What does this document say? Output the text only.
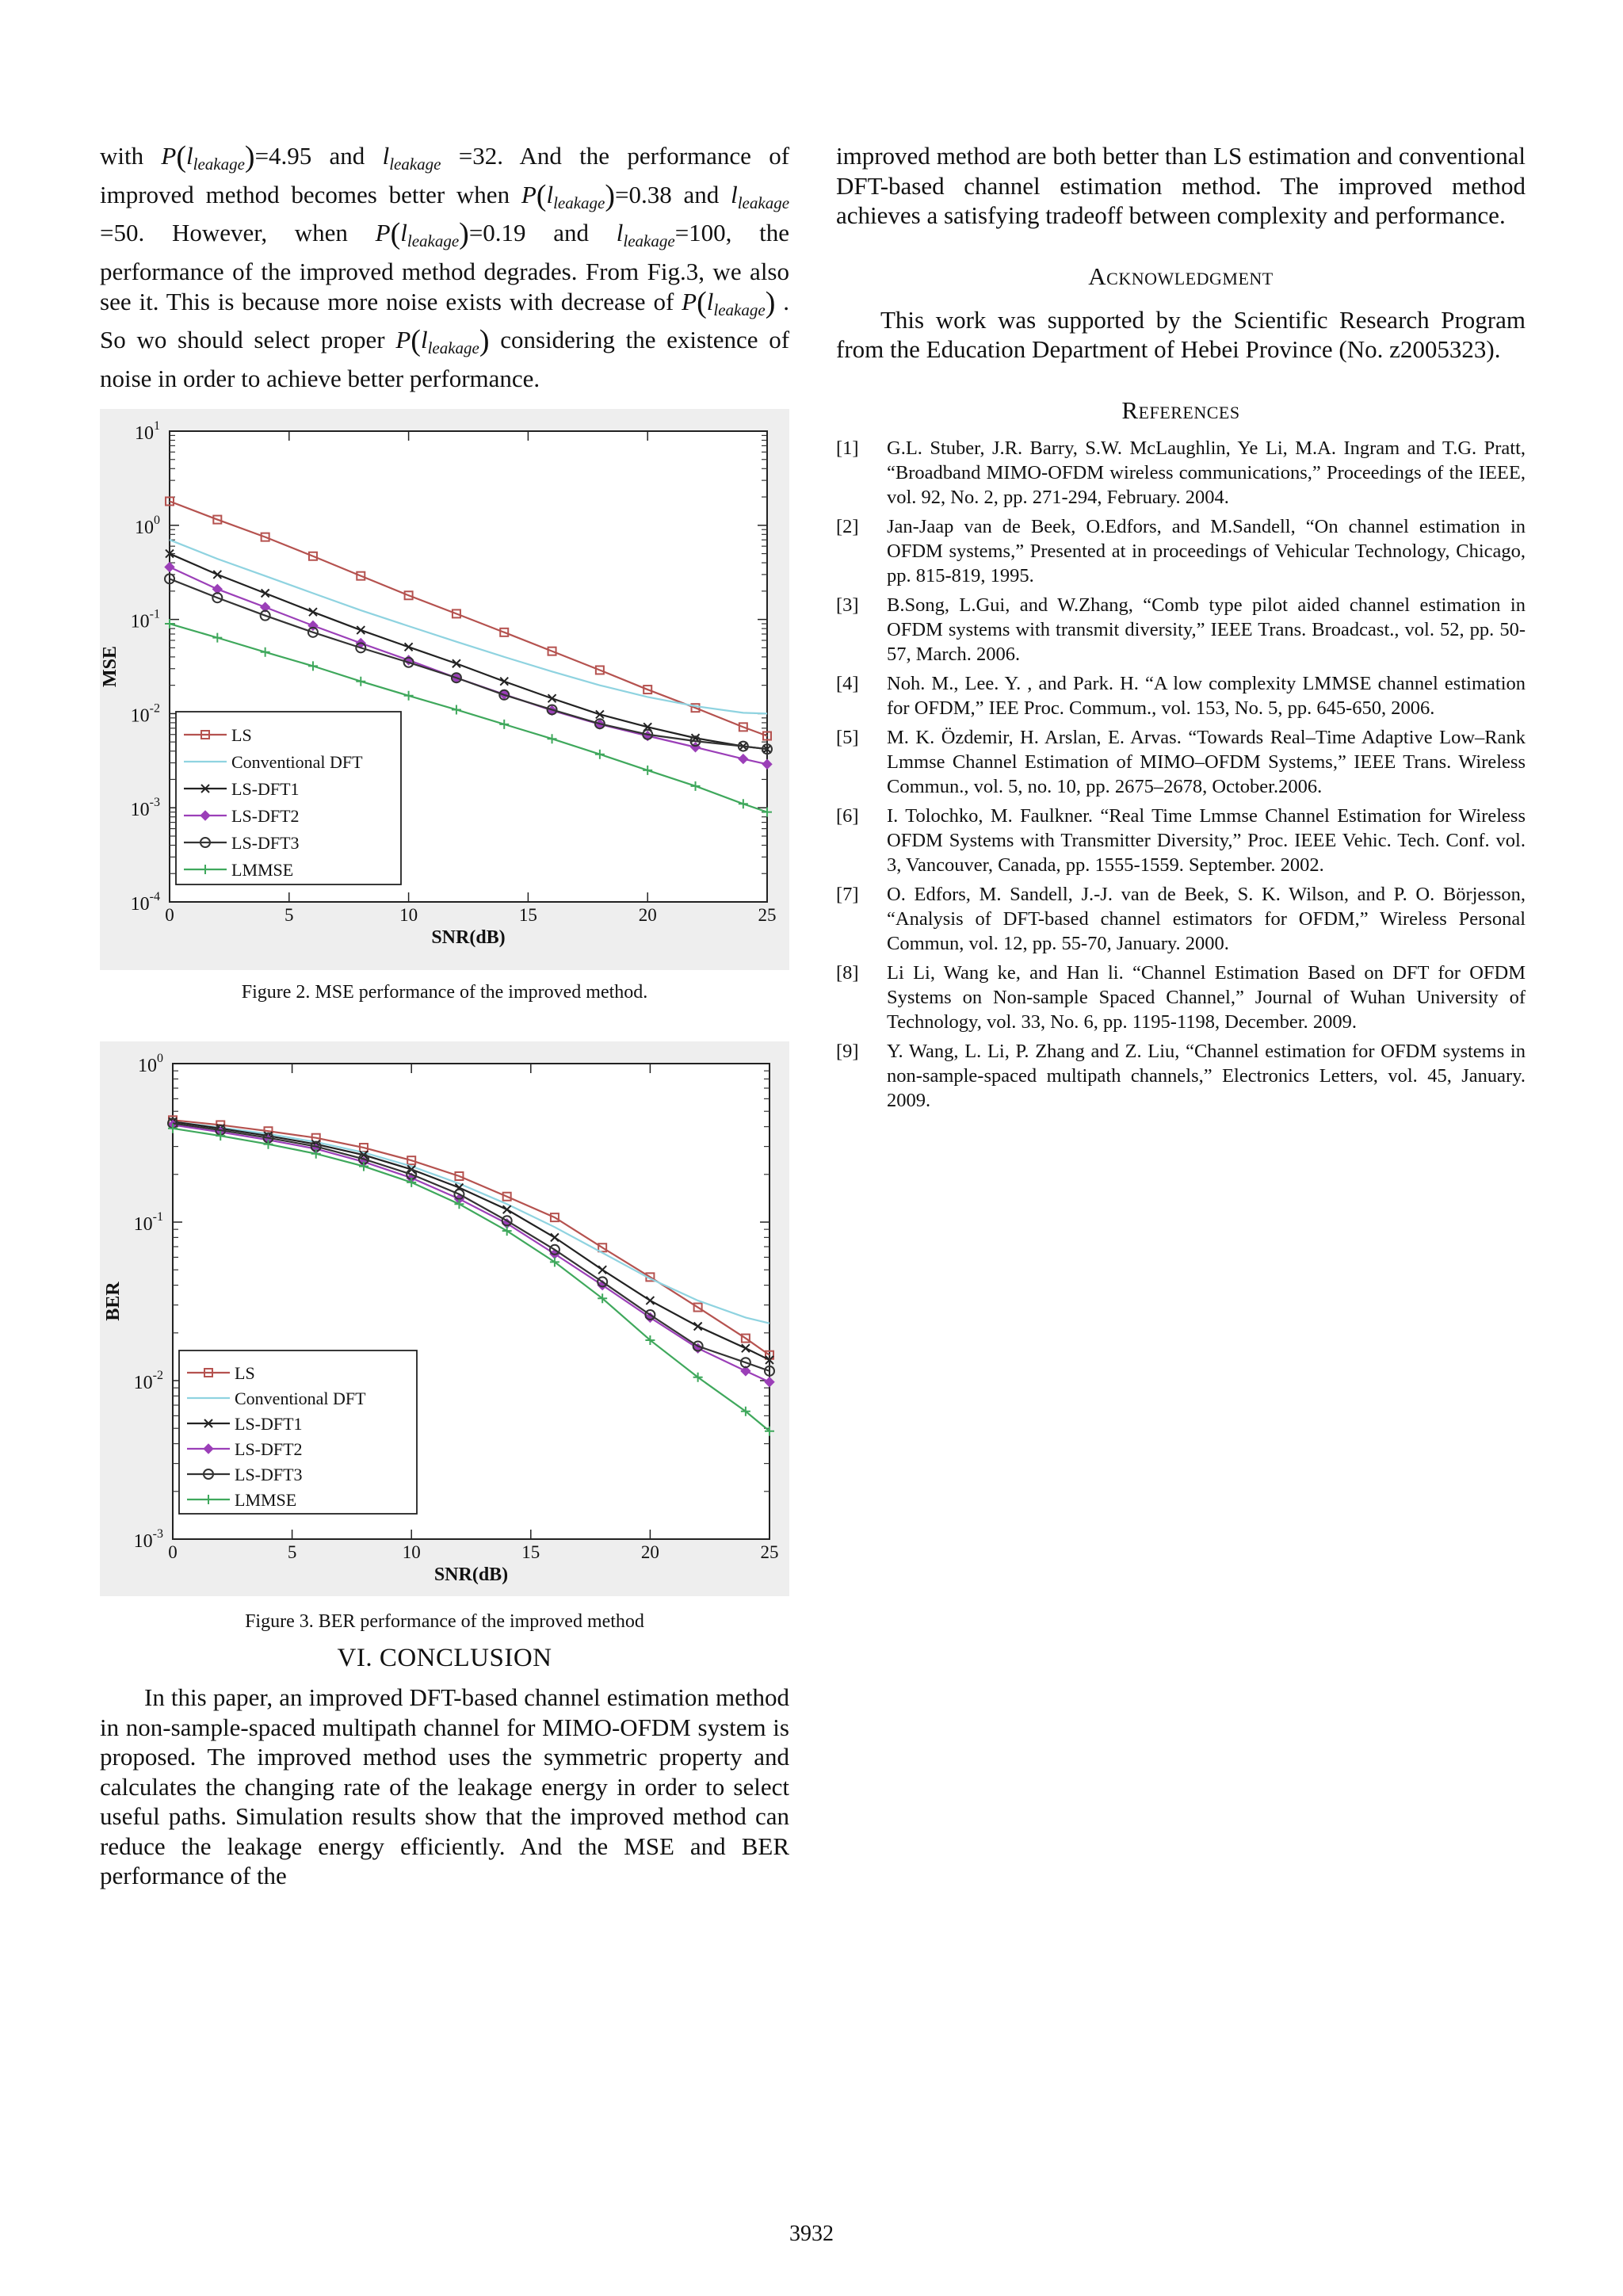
with $P(l_{leakage})=4.95$ and $l_{leakage} =32$. And the performance of improved method becomes better when $P(l_{leakage})=0.38$ and $l_{leakage} =50$. However, when $P(l_{leakage})=0.19$ and $l_{leakage}=100$, the performance of the improved method degrades. From Fig.3, we also see it. This is because more noise exists with decrease of $P(l_{leakage})$ . So wo should select proper $P(l_{leakage})$ considering the existence of noise in order to achieve better performance.

$10^1$
$10^0$
$10^{-1}$
$10^{-2}$
$10^{-3}$
$10^{-4}$
0	5	10	15	20	25
SNR(dB)
MSE
LS
Conventional DFT
LS-DFT1
LS-DFT2
LS-DFT3
LMMSE

Figure 2. MSE performance of the improved method.

$10^0$
$10^{-1}$
$10^{-2}$
$10^{-3}$
0	5	10	15	20	25
SNR(dB)
BER
LS
Conventional DFT
LS-DFT1
LS-DFT2
LS-DFT3
LMMSE

Figure 3. BER performance of the improved method

VI. CONCLUSION

In this paper, an improved DFT-based channel estimation method in non-sample-spaced multipath channel for MIMO-OFDM system is proposed. The improved method uses the symmetric property and calculates the changing rate of the leakage energy in order to select useful paths. Simulation results show that the improved method can reduce the leakage energy efficiently. And the MSE and BER performance of the

improved method are both better than LS estimation and conventional DFT-based channel estimation method. The improved method achieves a satisfying tradeoff between complexity and performance.

Acknowledgment

This work was supported by the Scientific Research Program from the Education Department of Hebei Province (No. z2005323).

References

[1]	G.L. Stuber, J.R. Barry, S.W. McLaughlin, Ye Li, M.A. Ingram and T.G. Pratt, “Broadband MIMO-OFDM wireless communications,” Proceedings of the IEEE, vol. 92, No. 2, pp. 271-294, February. 2004.
[2]	Jan-Jaap van de Beek, O.Edfors, and M.Sandell, “On channel estimation in OFDM systems,” Presented at in proceedings of Vehicular Technology, Chicago, pp. 815-819, 1995.
[3]	B.Song, L.Gui, and W.Zhang, “Comb type pilot aided channel estimation in OFDM systems with transmit diversity,” IEEE Trans. Broadcast., vol. 52, pp. 50-57, March. 2006.
[4]	Noh. M., Lee. Y. , and Park. H. “A low complexity LMMSE channel estimation for OFDM,” IEE Proc. Commum., vol. 153, No. 5, pp. 645-650, 2006.
[5]	M. K. Özdemir, H. Arslan, E. Arvas. “Towards Real–Time Adaptive Low–Rank Lmmse Channel Estimation of MIMO–OFDM Systems,” IEEE Trans. Wireless Commun., vol. 5, no. 10, pp. 2675–2678, October.2006.
[6]	I. Tolochko, M. Faulkner. “Real Time Lmmse Channel Estimation for Wireless OFDM Systems with Transmitter Diversity,” Proc. IEEE Vehic. Tech. Conf. vol. 3, Vancouver, Canada, pp. 1555-1559. September. 2002.
[7]	O. Edfors, M. Sandell, J.-J. van de Beek, S. K. Wilson, and P. O. Börjesson, “Analysis of DFT-based channel estimators for OFDM,” Wireless Personal Commun, vol. 12, pp. 55-70, January. 2000.
[8]	Li Li, Wang ke, and Han li. “Channel Estimation Based on DFT for OFDM Systems on Non-sample Spaced Channel,” Journal of Wuhan University of Technology, vol. 33, No. 6, pp. 1195-1198, December. 2009.
[9]	Y. Wang, L. Li, P. Zhang and Z. Liu, “Channel estimation for OFDM systems in non-sample-spaced multipath channels,” Electronics Letters, vol. 45, January. 2009.
3932
